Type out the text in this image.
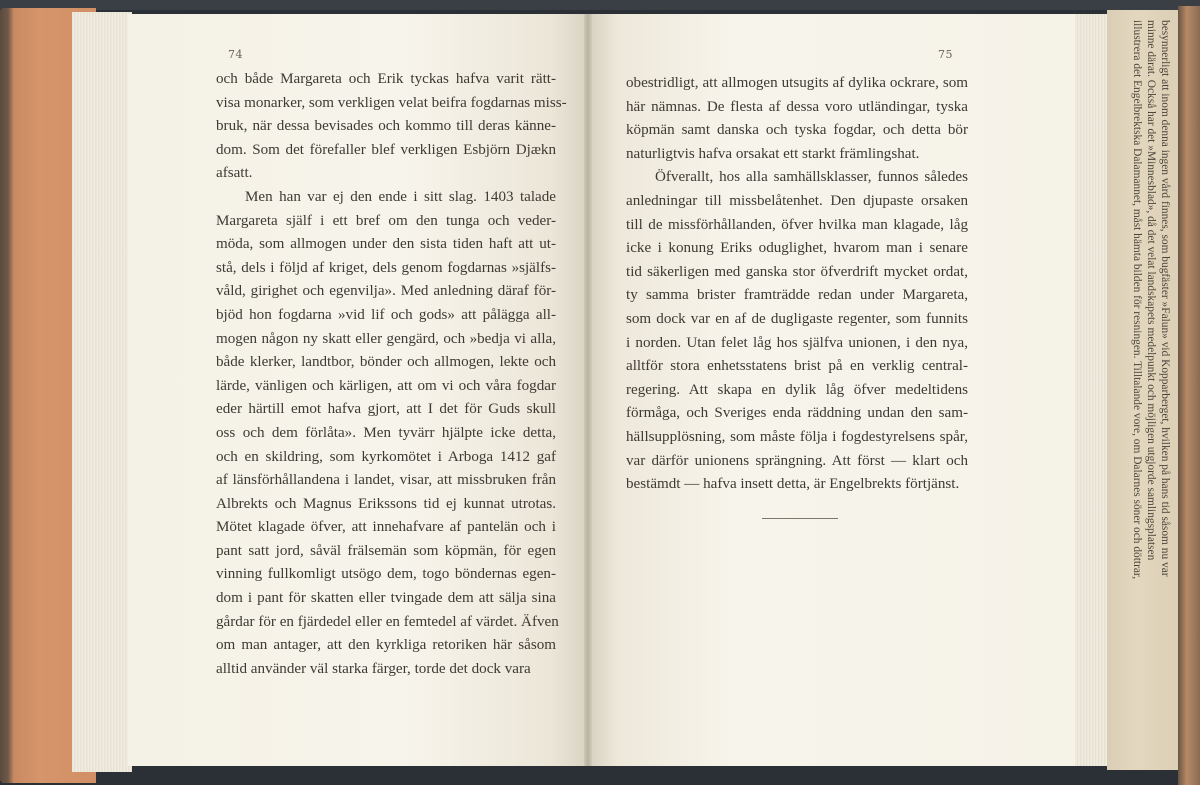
74	75
och både Margareta och Erik tyckas hafva varit rätt-
visa monarker, som verkligen velat beifra fogdarnas miss-
bruk, när dessa bevisades och kommo till deras känne-
dom. Som det förefaller blef verkligen Esbjörn Djækn
afsatt.
Men han var ej den ende i sitt slag. 1403 talade
Margareta själf i ett bref om den tunga och veder-
möda, som allmogen under den sista tiden haft att ut-
stå, dels i följd af kriget, dels genom fogdarnas »själfs-
våld, girighet och egenvilja». Med anledning däraf för-
bjöd hon fogdarna »vid lif och gods» att pålägga all-
mogen någon ny skatt eller gengärd, och »bedja vi alla,
både klerker, landtbor, bönder och allmogen, lekte och
lärde, vänligen och kärligen, att om vi och våra fogdar
eder härtill emot hafva gjort, att I det för Guds skull
oss och dem förlåta». Men tyvärr hjälpte icke detta,
och en skildring, som kyrkomötet i Arboga 1412 gaf
af länsförhållandena i landet, visar, att missbruken från
Albrekts och Magnus Erikssons tid ej kunnat utrotas.
Mötet klagade öfver, att innehafvare af pantelän och i
pant satt jord, såväl frälsemän som köpmän, för egen
vinning fullkomligt utsögo dem, togo böndernas egen-
dom i pant för skatten eller tvingade dem att sälja sina
gårdar för en fjärdedel eller en femtedel af värdet. Äfven
om man antager, att den kyrkliga retoriken här såsom
alltid använder väl starka färger, torde det dock vara
obestridligt, att allmogen utsugits af dylika ockrare, som
här nämnas. De flesta af dessa voro utländingar, tyska
köpmän samt danska och tyska fogdar, och detta bör
naturligtvis hafva orsakat ett starkt främlingshat.
Öfverallt, hos alla samhällsklasser, funnos således
anledningar till missbelåtenhet. Den djupaste orsaken
till de missförhållanden, öfver hvilka man klagade, låg
icke i konung Eriks oduglighet, hvarom man i senare
tid säkerligen med ganska stor öfverdrift mycket ordat,
ty samma brister framträdde redan under Margareta,
som dock var en af de dugligaste regenter, som funnits
i norden. Utan felet låg hos själfva unionen, i den nya,
alltför stora enhetsstatens brist på en verklig central-
regering. Att skapa en dylik låg öfver medeltidens
förmåga, och Sveriges enda räddning undan den sam-
hällsupplösning, som måste följa i fogdestyrelsens spår,
var därför unionens sprängning. Att först — klart och
bestämdt — hafva insett detta, är Engelbrekts förtjänst.	besynnerligt att inom denna ingen vård finnes, som bugfäster »Falun» vid Kopparberget, hvilken på hans tid såsom nu var
minne därat. Också har det »Minnesblad», då det velat landskapets medelpunkt och möjligen utgjorde samlingsplatsen
illustrera det Engelbrektska Dalamannet, måst hämta bilden för resningen. Tilltalande vore, om Dalarnes söner och döttrar,
